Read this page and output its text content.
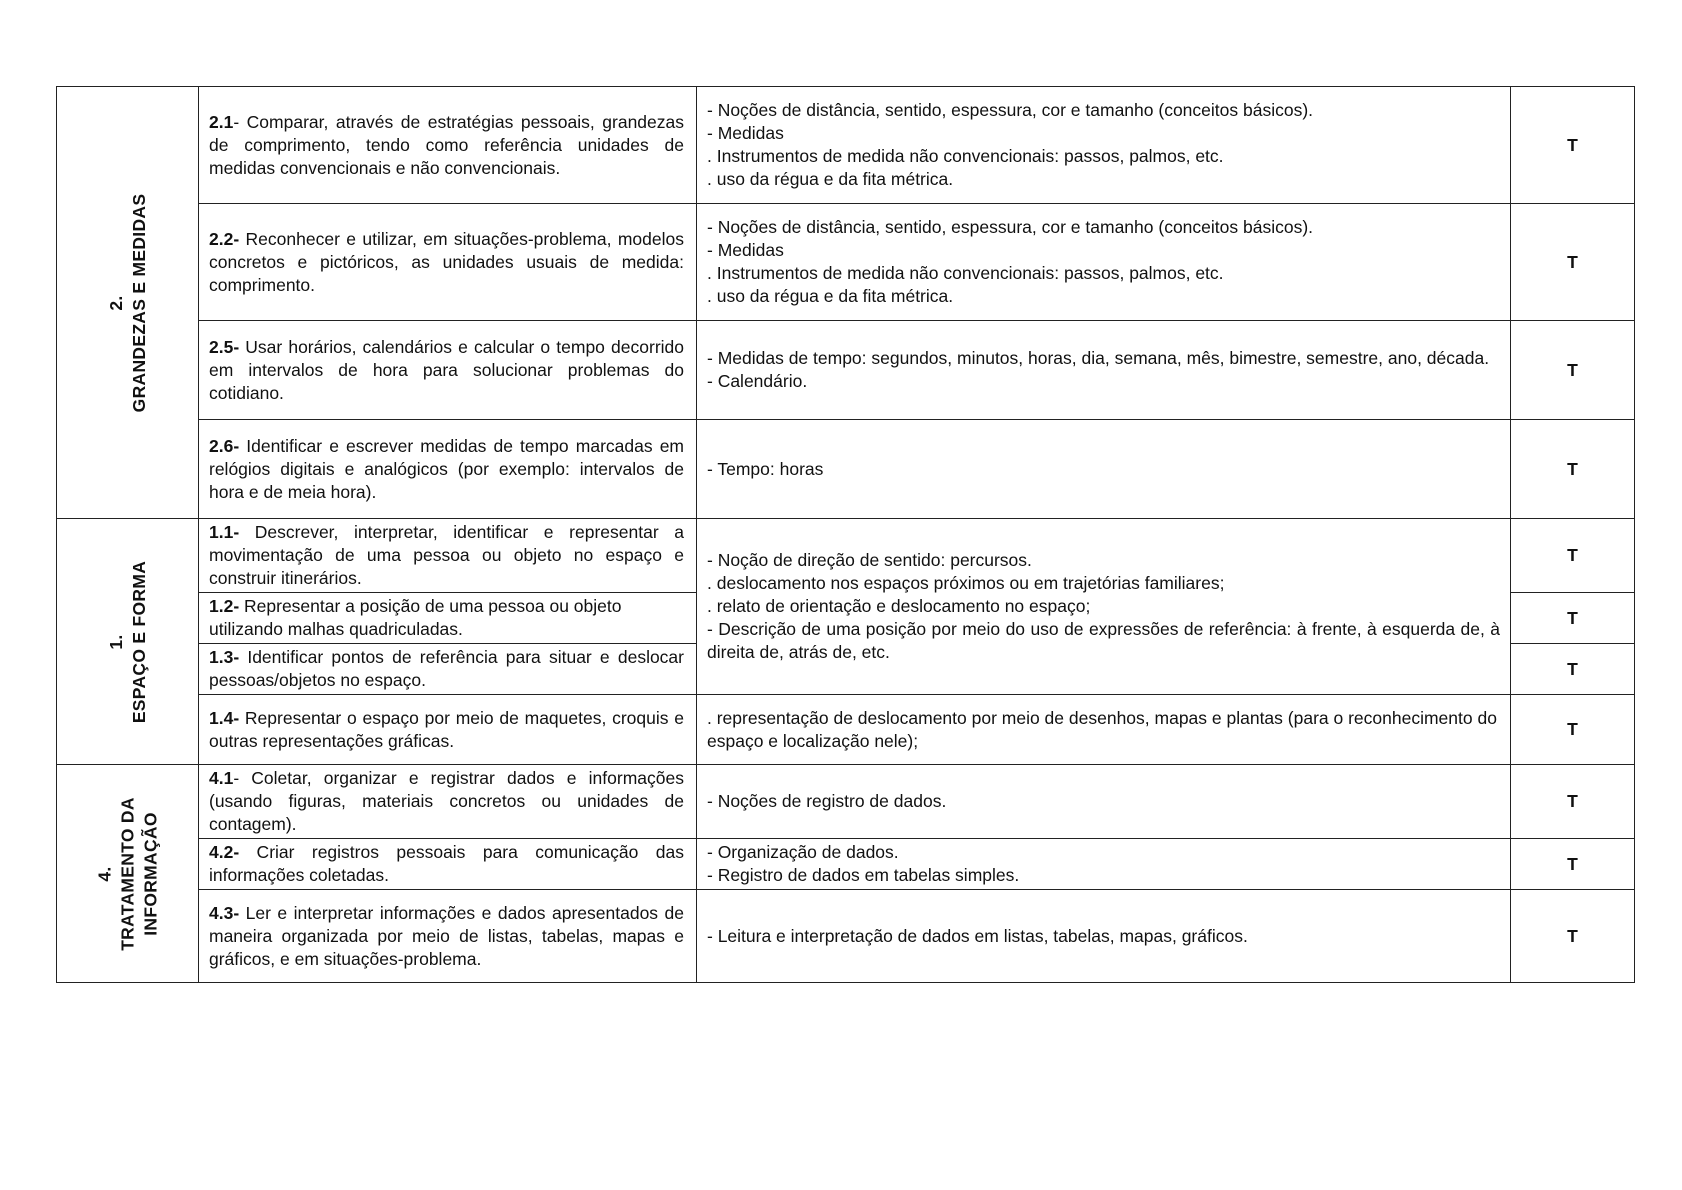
2. GRANDEZAS E MEDIDAS	2.1- Comparar, através de estratégias pessoais, grandezas de comprimento, tendo como referência unidades de medidas convencionais e não convencionais.	- Noções de distância, sentido, espessura, cor e tamanho (conceitos básicos).
- Medidas
. Instrumentos de medida não convencionais: passos, palmos, etc.
. uso da régua e da fita métrica.	T
	2.2- Reconhecer e utilizar, em situações-problema, modelos concretos e pictóricos, as unidades usuais de medida: comprimento.	- Noções de distância, sentido, espessura, cor e tamanho (conceitos básicos).
- Medidas
. Instrumentos de medida não convencionais: passos, palmos, etc.
. uso da régua e da fita métrica.	T
	2.5- Usar horários, calendários e calcular o tempo decorrido em intervalos de hora para solucionar problemas do cotidiano.	- Medidas de tempo: segundos, minutos, horas, dia, semana, mês, bimestre, semestre, ano, década.
- Calendário.	T
	2.6- Identificar e escrever medidas de tempo marcadas em relógios digitais e analógicos (por exemplo: intervalos de hora e de meia hora).	- Tempo: horas	T

1. ESPAÇO E FORMA	1.1- Descrever, interpretar, identificar e representar a movimentação de uma pessoa ou objeto no espaço e construir itinerários.	- Noção de direção de sentido: percursos.
. deslocamento nos espaços próximos ou em trajetórias familiares;
. relato de orientação e deslocamento no espaço;
- Descrição de uma posição por meio do uso de expressões de referência: à frente, à esquerda de, à direita de, atrás de, etc.	T
	1.2- Representar a posição de uma pessoa ou objeto utilizando malhas quadriculadas.		T
	1.3- Identificar pontos de referência para situar e deslocar pessoas/objetos no espaço.		T
	1.4- Representar o espaço por meio de maquetes, croquis e outras representações gráficas.	. representação de deslocamento por meio de desenhos, mapas e plantas (para o reconhecimento do espaço e localização nele);	T

4. TRATAMENTO DA INFORMAÇÃO	4.1- Coletar, organizar e registrar dados e informações (usando figuras, materiais concretos ou unidades de contagem).	- Noções de registro de dados.	T
	4.2- Criar registros pessoais para comunicação das informações coletadas.	- Organização de dados.
- Registro de dados em tabelas simples.	T
	4.3- Ler e interpretar informações e dados apresentados de maneira organizada por meio de listas, tabelas, mapas e gráficos, e em situações-problema.	- Leitura e interpretação de dados em listas, tabelas, mapas, gráficos.	T
